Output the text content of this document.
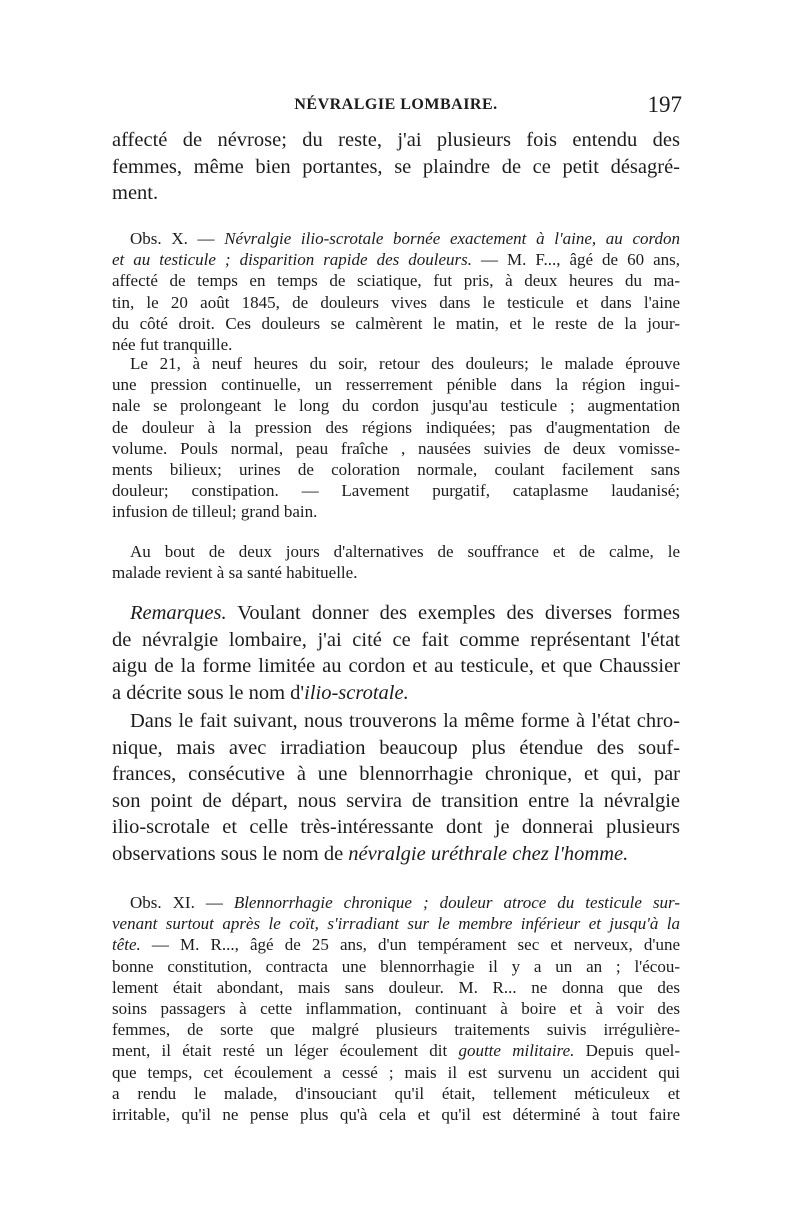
NÉVRALGIE LOMBAIRE.	197
affecté de névrose; du reste, j'ai plusieurs fois entendu des
femmes, même bien portantes, se plaindre de ce petit désagré-
ment.
Obs. X. — Névralgie ilio-scrotale bornée exactement à l'aine, au cordon
et au testicule ; disparition rapide des douleurs. — M. F..., âgé de 60 ans,
affecté de temps en temps de sciatique, fut pris, à deux heures du ma-
tin, le 20 août 1845, de douleurs vives dans le testicule et dans l'aine
du côté droit. Ces douleurs se calmèrent le matin, et le reste de la jour-
née fut tranquille.
Le 21, à neuf heures du soir, retour des douleurs; le malade éprouve
une pression continuelle, un resserrement pénible dans la région ingui-
nale se prolongeant le long du cordon jusqu'au testicule ; augmentation
de douleur à la pression des régions indiquées; pas d'augmentation de
volume. Pouls normal, peau fraîche , nausées suivies de deux vomisse-
ments bilieux; urines de coloration normale, coulant facilement sans
douleur; constipation. — Lavement purgatif, cataplasme laudanisé;
infusion de tilleul; grand bain.
Au bout de deux jours d'alternatives de souffrance et de calme, le
malade revient à sa santé habituelle.
Remarques. Voulant donner des exemples des diverses formes
de névralgie lombaire, j'ai cité ce fait comme représentant l'état
aigu de la forme limitée au cordon et au testicule, et que Chaussier
a décrite sous le nom d'ilio-scrotale.
Dans le fait suivant, nous trouverons la même forme à l'état chro-
nique, mais avec irradiation beaucoup plus étendue des souf-
frances, consécutive à une blennorrhagie chronique, et qui, par
son point de départ, nous servira de transition entre la névralgie
ilio-scrotale et celle très-intéressante dont je donnerai plusieurs
observations sous le nom de névralgie uréthrale chez l'homme.
Obs. XI. — Blennorrhagie chronique ; douleur atroce du testicule sur-
venant surtout après le coït, s'irradiant sur le membre inférieur et jusqu'à la
tête. — M. R..., âgé de 25 ans, d'un tempérament sec et nerveux, d'une
bonne constitution, contracta une blennorrhagie il y a un an ; l'écou-
lement était abondant, mais sans douleur. M. R... ne donna que des
soins passagers à cette inflammation, continuant à boire et à voir des
femmes, de sorte que malgré plusieurs traitements suivis irrégulière-
ment, il était resté un léger écoulement dit goutte militaire. Depuis quel-
que temps, cet écoulement a cessé ; mais il est survenu un accident qui
a rendu le malade, d'insouciant qu'il était, tellement méticuleux et
irritable, qu'il ne pense plus qu'à cela et qu'il est déterminé à tout faire
